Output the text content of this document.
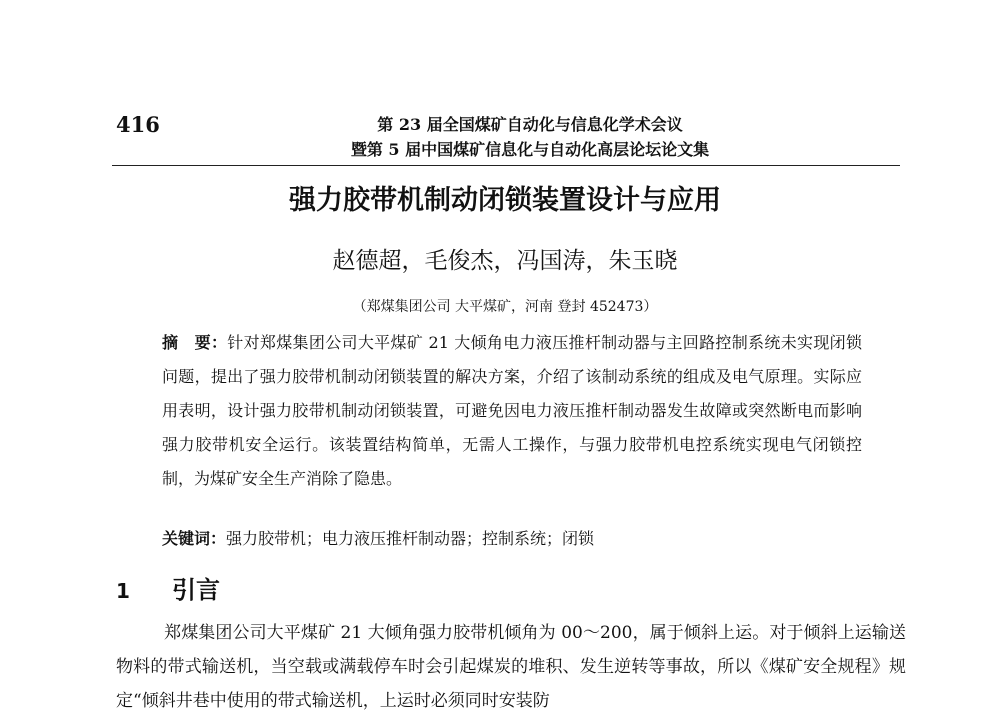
416	第 23 届全国煤矿自动化与信息化学术会议
暨第 5 届中国煤矿信息化与自动化高层论坛论文集
强力胶带机制动闭锁装置设计与应用
赵德超，毛俊杰，冯国涛，朱玉晓
（郑煤集团公司 大平煤矿，河南 登封 452473）
摘　要：针对郑煤集团公司大平煤矿 21 大倾角电力液压推杆制动器与主回路控制系统未实现闭锁问题，提出了强力胶带机制动闭锁装置的解决方案，介绍了该制动系统的组成及电气原理。实际应用表明，设计强力胶带机制动闭锁装置，可避免因电力液压推杆制动器发生故障或突然断电而影响强力胶带机安全运行。该装置结构简单，无需人工操作，与强力胶带机电控系统实现电气闭锁控制，为煤矿安全生产消除了隐患。
关键词：强力胶带机；电力液压推杆制动器；控制系统；闭锁
1 引言
郑煤集团公司大平煤矿 21 大倾角强力胶带机倾角为 00～200，属于倾斜上运。对于倾斜上运输送物料的带式输送机，当空载或满载停车时会引起煤炭的堆积、发生逆转等事故，所以《煤矿安全规程》规定“倾斜井巷中使用的带式输送机，上运时必须同时安装防
